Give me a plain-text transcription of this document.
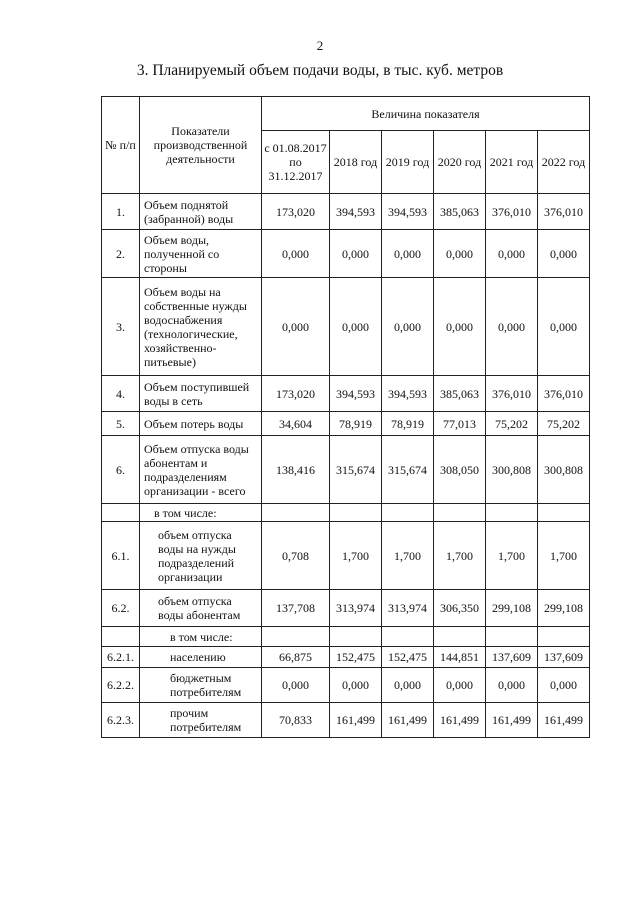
2
3. Планируемый объем подачи воды, в тыс. куб. метров
№ п/п	Показатели производственной деятельности	Величина показателя					
		с 01.08.2017 по 31.12.2017	2018 год	2019 год	2020 год	2021 год	2022 год
1.	Объем поднятой (забранной) воды	173,020	394,593	394,593	385,063	376,010	376,010
2.	Объем воды, полученной со стороны	0,000	0,000	0,000	0,000	0,000	0,000
3.	Объем воды на собственные нужды водоснабжения (технологические, хозяйственно-питьевые)	0,000	0,000	0,000	0,000	0,000	0,000
4.	Объем поступившей воды в сеть	173,020	394,593	394,593	385,063	376,010	376,010
5.	Объем потерь воды	34,604	78,919	78,919	77,013	75,202	75,202
6.	Объем отпуска воды абонентам и подразделениям организации - всего	138,416	315,674	315,674	308,050	300,808	300,808
	в том числе:						
6.1.	объем отпуска воды на нужды подразделений организации	0,708	1,700	1,700	1,700	1,700	1,700
6.2.	объем отпуска воды абонентам	137,708	313,974	313,974	306,350	299,108	299,108
	в том числе:						
6.2.1.	населению	66,875	152,475	152,475	144,851	137,609	137,609
6.2.2.	бюджетным потребителям	0,000	0,000	0,000	0,000	0,000	0,000
6.2.3.	прочим потребителям	70,833	161,499	161,499	161,499	161,499	161,499
